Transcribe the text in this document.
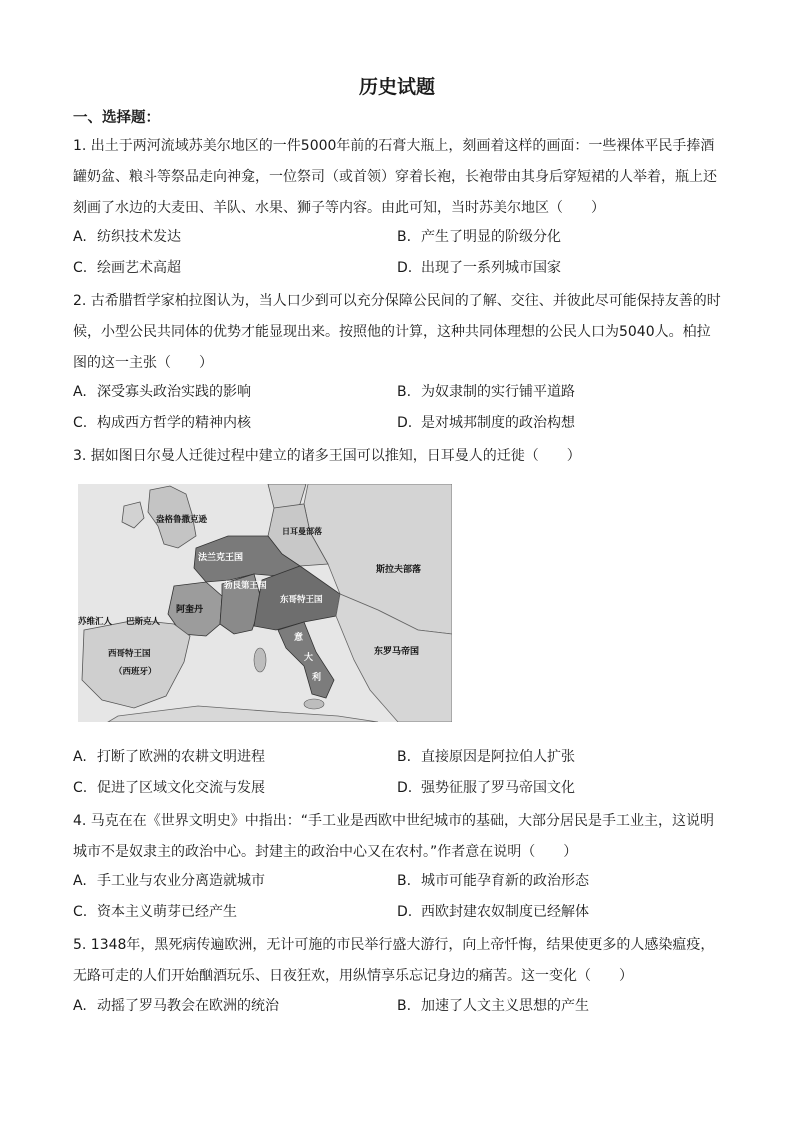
历史试题
一、选择题：

1. 出土于两河流域苏美尔地区的一件5000年前的石膏大瓶上，刻画着这样的画面：一些裸体平民手捧酒罐奶盆、粮斗等祭品走向神龛，一位祭司（或首领）穿着长袍，长袍带由其身后穿短裙的人举着，瓶上还刻画了水边的大麦田、羊队、水果、狮子等内容。由此可知，当时苏美尔地区（　　）

A. 纺织技术发达	B. 产生了明显的阶级分化
C. 绘画艺术高超	D. 出现了一系列城市国家

2. 古希腊哲学家柏拉图认为，当人口少到可以充分保障公民间的了解、交往、并彼此尽可能保持友善的时候，小型公民共同体的优势才能显现出来。按照他的计算，这种共同体理想的公民人口为5040人。柏拉图的这一主张（　　）

A. 深受寡头政治实践的影响	B. 为奴隶制的实行铺平道路
C. 构成西方哲学的精神内核	D. 是对城邦制度的政治构想

3. 据如图日尔曼人迁徙过程中建立的诸多王国可以推知，日耳曼人的迁徙（　　）

盎格鲁撒克逊
法兰克王国
日耳曼部落
斯拉夫部落
勃艮第王国
东哥特王国
阿奎丹
苏维汇人 巴斯克人
西哥特王国
（西班牙）
东罗马帝国
意
大
利
A. 打断了欧洲的农耕文明进程	B. 直接原因是阿拉伯人扩张
C. 促进了区域文化交流与发展	D. 强势征服了罗马帝国文化

4. 马克在在《世界文明史》中指出：“手工业是西欧中世纪城市的基础，大部分居民是手工业主，这说明城市不是奴隶主的政治中心。封建主的政治中心又在农村。”作者意在说明（　　）

A. 手工业与农业分离造就城市	B. 城市可能孕育新的政治形态
C. 资本主义萌芽已经产生	D. 西欧封建农奴制度已经解体

5. 1348年，黑死病传遍欧洲，无计可施的市民举行盛大游行，向上帝忏悔，结果使更多的人感染瘟疫，无路可走的人们开始酗酒玩乐、日夜狂欢，用纵情享乐忘记身边的痛苦。这一变化（　　）

A. 动摇了罗马教会在欧洲的统治	B. 加速了人文主义思想的产生
